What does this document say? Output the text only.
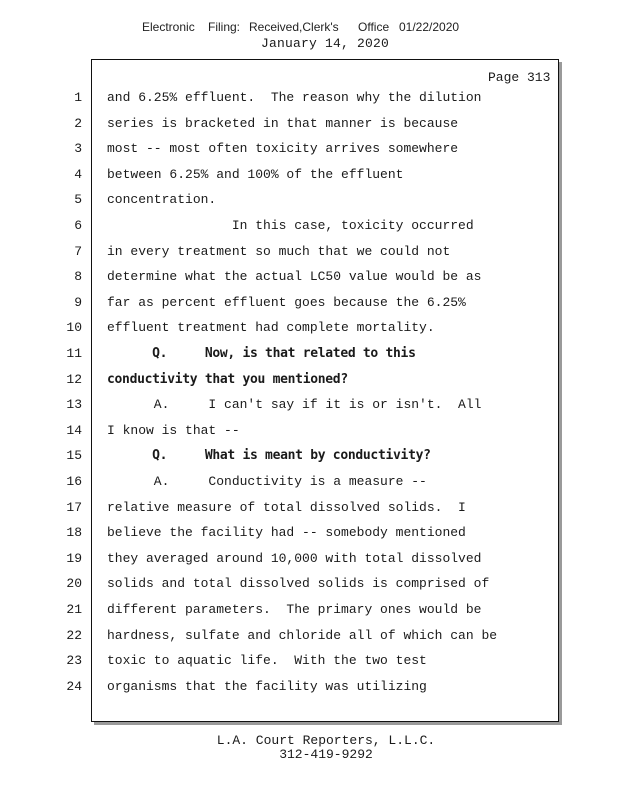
Electronic Filing: Received,Clerk's Office 01/22/2020
January 14, 2020
Page 313
1 and 6.25% effluent.  The reason why the dilution
2 series is bracketed in that manner is because
3 most -- most often toxicity arrives somewhere
4 between 6.25% and 100% of the effluent
5 concentration.
6 In this case, toxicity occurred
7 in every treatment so much that we could not
8 determine what the actual LC50 value would be as
9 far as percent effluent goes because the 6.25%
10 effluent treatment had complete mortality.
11 Q.     Now, is that related to this
12 conductivity that you mentioned?
13 A.     I can't say if it is or isn't.  All
14 I know is that --
15 Q.     What is meant by conductivity?
16 A.     Conductivity is a measure --
17 relative measure of total dissolved solids.  I
18 believe the facility had -- somebody mentioned
19 they averaged around 10,000 with total dissolved
20 solids and total dissolved solids is comprised of
21 different parameters.  The primary ones would be
22 hardness, sulfate and chloride all of which can be
23 toxic to aquatic life.  With the two test
24 organisms that the facility was utilizing
L.A. Court Reporters, L.L.C.
312-419-9292
